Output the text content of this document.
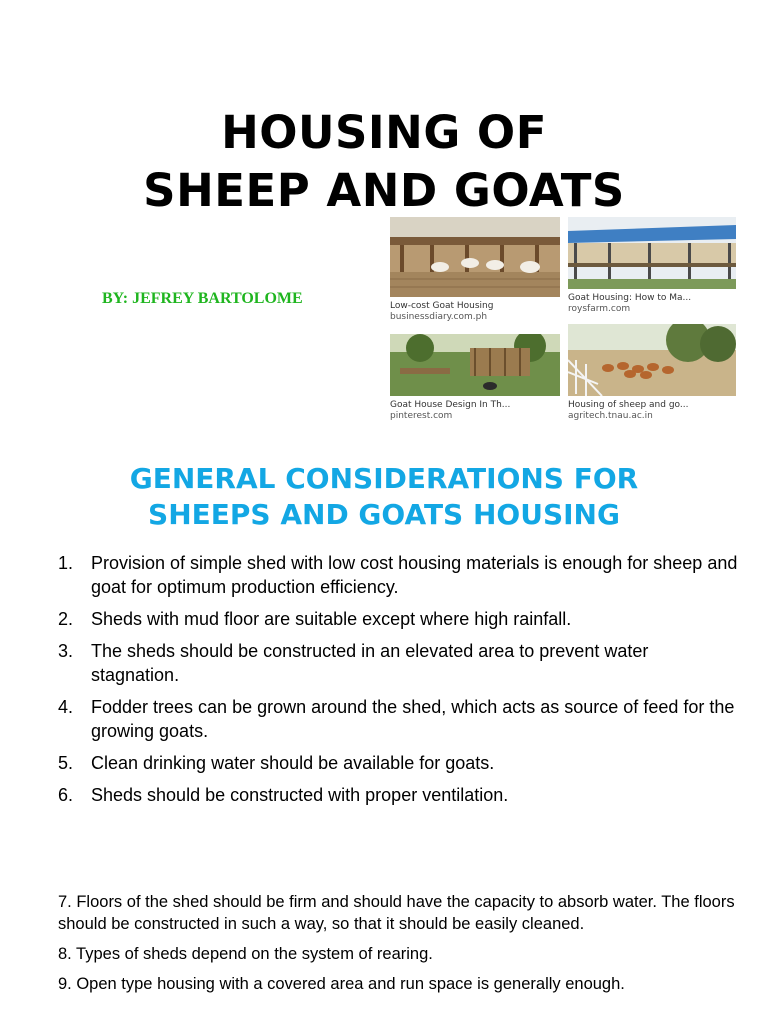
HOUSING OF
SHEEP AND GOATS
BY: JEFREY BARTOLOME	Low-cost Goat Housing
businessdiary.com.ph
Goat Housing: How to Ma...
roysfarm.com
Goat House Design In Th...
pinterest.com
Housing of sheep and go...
agritech.tnau.ac.in
GENERAL CONSIDERATIONS FOR
SHEEPS AND GOATS HOUSING
1. Provision of simple shed with low cost housing materials is enough for sheep and goat for optimum production efficiency.
2. Sheds with mud floor are suitable except where high rainfall.
3. The sheds should be constructed in an elevated area to prevent water stagnation.
4. Fodder trees can be grown around the shed, which acts as source of feed for the growing goats.
5. Clean drinking water should be available for goats.
6. Sheds should be constructed with proper ventilation.

7. Floors of the shed should be firm and should have the capacity to absorb water. The floors should be constructed in such a way, so that it should be easily cleaned.

8. Types of sheds depend on the system of rearing.

9. Open type housing with a covered area and run space is generally enough.
